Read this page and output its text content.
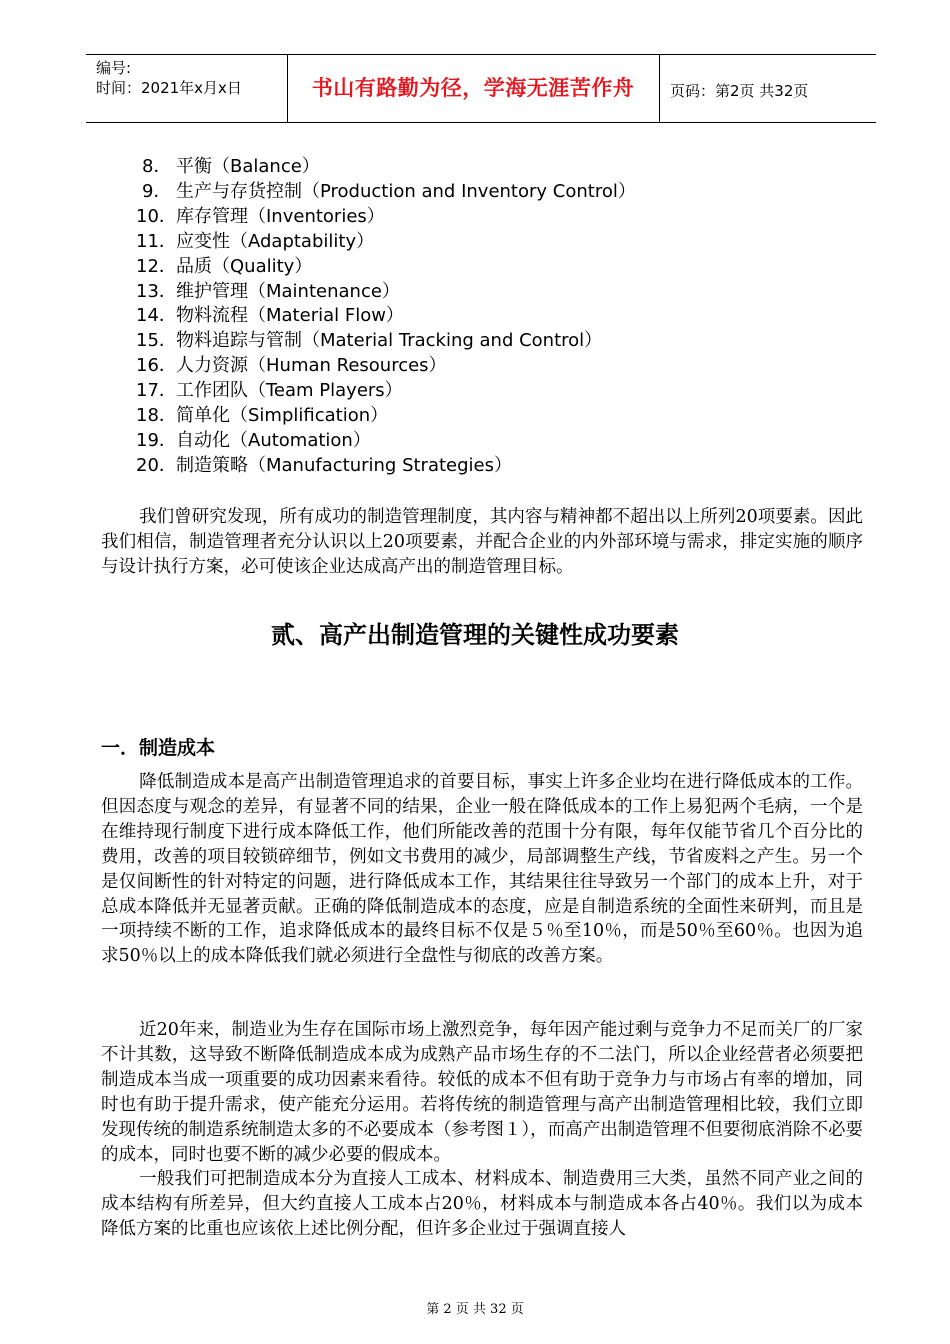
编号:
时间：2021年x月x日	书山有路勤为径，学海无涯苦作舟	页码：第2页 共32页
8． 平衡（Balance）
9． 生产与存货控制（Production and Inventory Control）
10．库存管理（Inventories）
11．应变性（Adaptability）
12．品质（Quality）
13．维护管理（Maintenance）
14．物料流程（Material Flow）
15．物料追踪与管制（Material Tracking and Control）
16．人力资源（Human Resources）
17．工作团队（Team Players）
18．简单化（Simplification）
19．自动化（Automation）
20．制造策略（Manufacturing Strategies）
我们曾研究发现，所有成功的制造管理制度，其内容与精神都不超出以上所列20项要素。因此我们相信，制造管理者充分认识以上20项要素，并配合企业的内外部环境与需求，排定实施的顺序与设计执行方案，必可使该企业达成高产出的制造管理目标。
贰、高产出制造管理的关键性成功要素
一．制造成本
降低制造成本是高产出制造管理追求的首要目标，事实上许多企业均在进行降低成本的工作。但因态度与观念的差异，有显著不同的结果，企业一般在降低成本的工作上易犯两个毛病，一个是在维持现行制度下进行成本降低工作，他们所能改善的范围十分有限，每年仅能节省几个百分比的费用，改善的项目较锁碎细节，例如文书费用的减少，局部调整生产线，节省废料之产生。另一个是仅间断性的针对特定的问题，进行降低成本工作，其结果往往导致另一个部门的成本上升，对于总成本降低并无显著贡献。正确的降低制造成本的态度，应是自制造系统的全面性来研判，而且是一项持续不断的工作，追求降低成本的最终目标不仅是５％至10％，而是50％至60％。也因为追求50％以上的成本降低我们就必须进行全盘性与彻底的改善方案。
近20年来，制造业为生存在国际市场上激烈竞争，每年因产能过剩与竞争力不足而关厂的厂家不计其数，这导致不断降低制造成本成为成熟产品市场生存的不二法门，所以企业经营者必须要把制造成本当成一项重要的成功因素来看待。较低的成本不但有助于竞争力与市场占有率的增加，同时也有助于提升需求，使产能充分运用。若将传统的制造管理与高产出制造管理相比较，我们立即发现传统的制造系统制造太多的不必要成本（参考图１），而高产出制造管理不但要彻底消除不必要的成本，同时也要不断的减少必要的假成本。
一般我们可把制造成本分为直接人工成本、材料成本、制造费用三大类，虽然不同产业之间的成本结构有所差异，但大约直接人工成本占20％，材料成本与制造成本各占40％。我们以为成本降低方案的比重也应该依上述比例分配，但许多企业过于强调直接人
第 2 页 共 32 页
